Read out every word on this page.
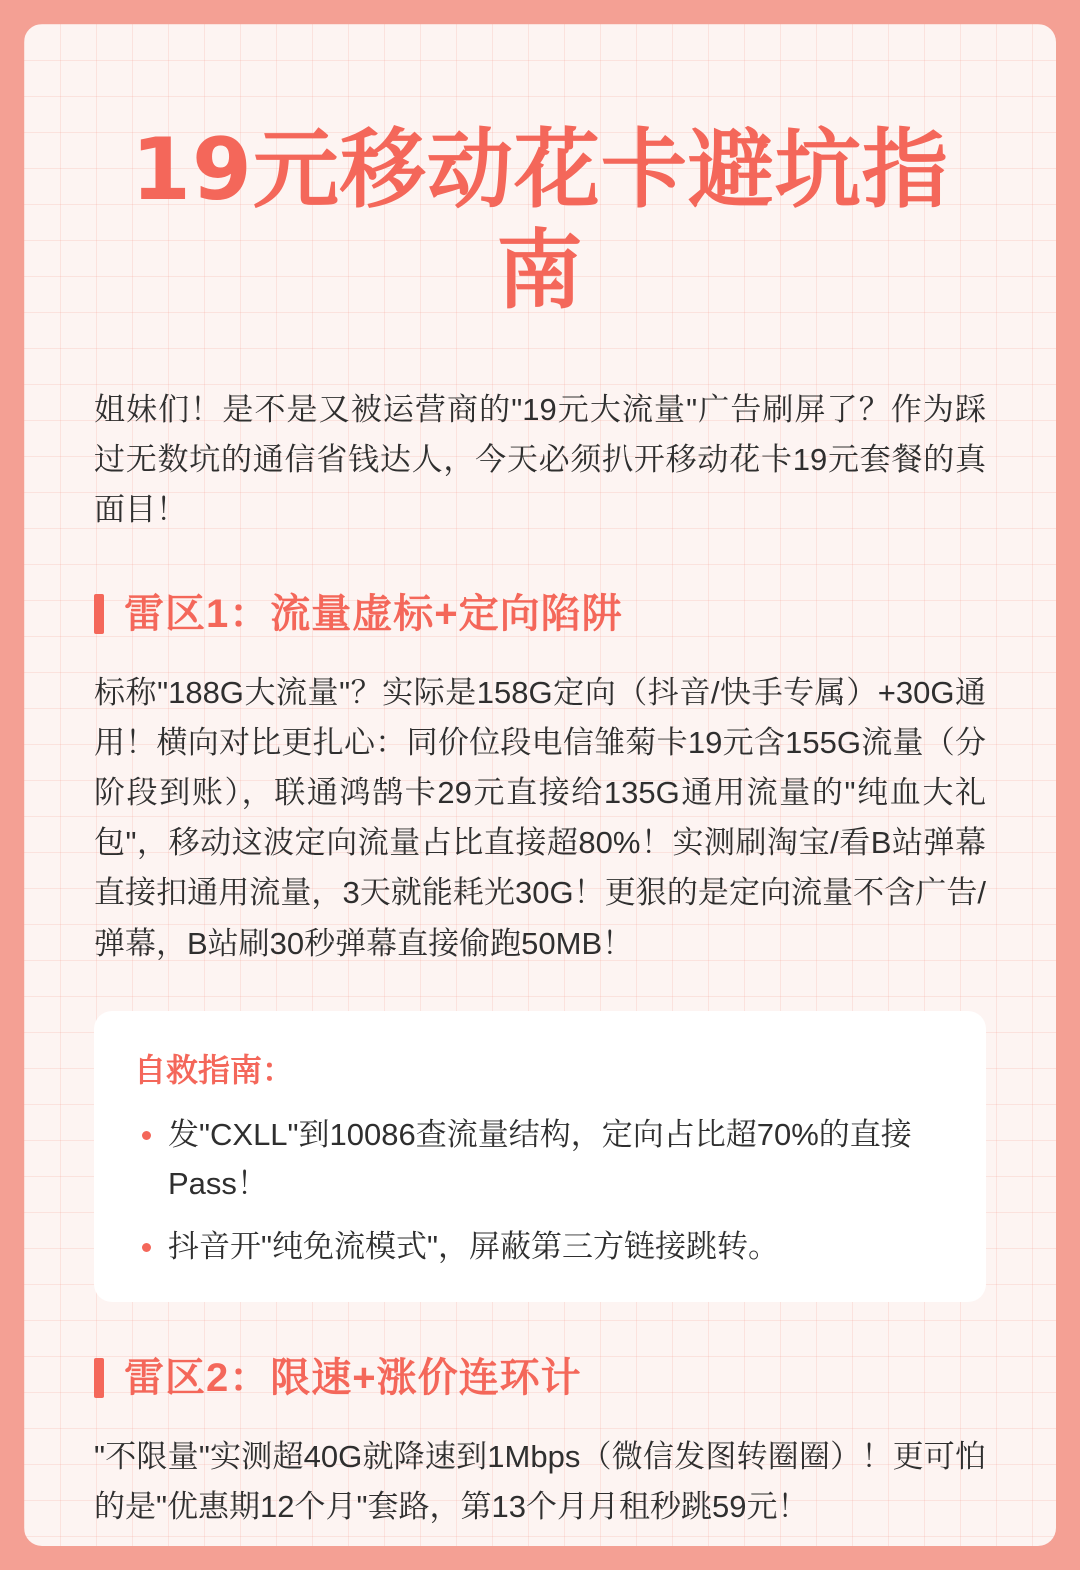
19元移动花卡避坑指南

姐妹们！是不是又被运营商的"19元大流量"广告刷屏了？作为踩过无数坑的通信省钱达人，今天必须扒开移动花卡19元套餐的真面目！

雷区1：流量虚标+定向陷阱

标称"188G大流量"？实际是158G定向（抖音/快手专属）+30G通用！横向对比更扎心：同价位段电信雏菊卡19元含155G流量（分阶段到账），联通鸿鹄卡29元直接给135G通用流量的"纯血大礼包"，移动这波定向流量占比直接超80%！实测刷淘宝/看B站弹幕直接扣通用流量，3天就能耗光30G！更狠的是定向流量不含广告/弹幕，B站刷30秒弹幕直接偷跑50MB！

自救指南：
发"CXLL"到10086查流量结构，定向占比超70%的直接Pass！
抖音开"纯免流模式"，屏蔽第三方链接跳转。
雷区2：限速+涨价连环计

"不限量"实测超40G就降速到1Mbps（微信发图转圈圈）！更可怕的是"优惠期12个月"套路，第13个月月租秒跳59元！
